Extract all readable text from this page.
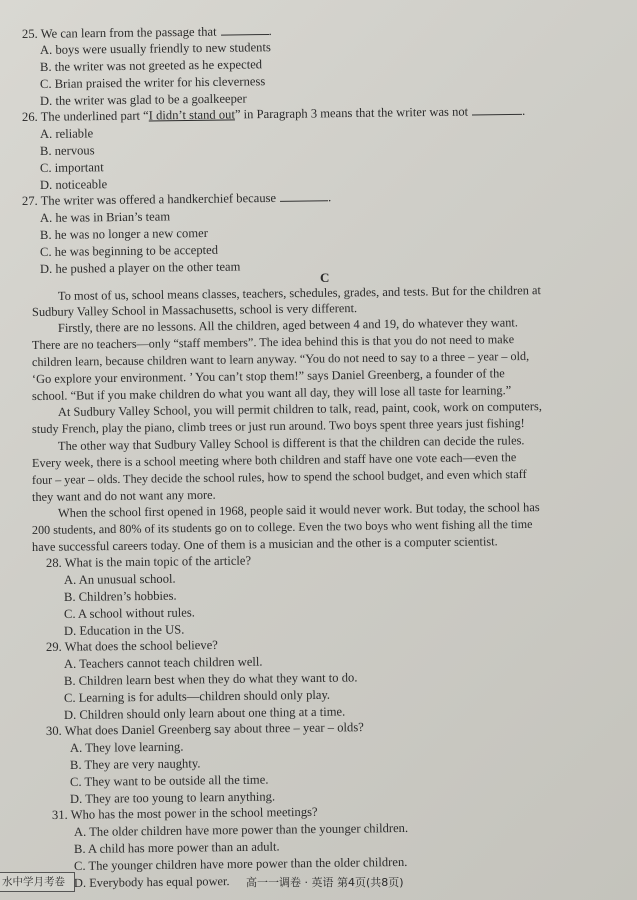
25. We can learn from the passage that	.
A. boys were usually friendly to new students
B. the writer was not greeted as he expected
C. Brian praised the writer for his cleverness
D. the writer was glad to be a goalkeeper
26. The underlined part “I didn’t stand out” in Paragraph 3 means that the writer was not	.
A. reliable
B. nervous
C. important
D. noticeable
27. The writer was offered a handkerchief because	.
A. he was in Brian’s team
B. he was no longer a new comer
C. he was beginning to be accepted
D. he pushed a player on the other team
C
To most of us, school means classes, teachers, schedules, grades, and tests. But for the children at
Sudbury Valley School in Massachusetts, school is very different.
Firstly, there are no lessons. All the children, aged between 4 and 19, do whatever they want.
There are no teachers—only “staff members”. The idea behind this is that you do not need to make
children learn, because children want to learn anyway. “You do not need to say to a three – year – old,
‘Go explore your environment. ’ You can’t stop them!” says Daniel Greenberg, a founder of the
school. “But if you make children do what you want all day, they will lose all taste for learning.”
At Sudbury Valley School, you will permit children to talk, read, paint, cook, work on computers,
study French, play the piano, climb trees or just run around. Two boys spent three years just fishing!
The other way that Sudbury Valley School is different is that the children can decide the rules.
Every week, there is a school meeting where both children and staff have one vote each—even the
four – year – olds. They decide the school rules, how to spend the school budget, and even which staff
they want and do not want any more.
When the school first opened in 1968, people said it would never work. But today, the school has
200 students, and 80% of its students go on to college. Even the two boys who went fishing all the time
have successful careers today. One of them is a musician and the other is a computer scientist.
28. What is the main topic of the article?
A. An unusual school.
B. Children’s hobbies.
C. A school without rules.
D. Education in the US.
29. What does the school believe?
A. Teachers cannot teach children well.
B. Children learn best when they do what they want to do.
C. Learning is for adults—children should only play.
D. Children should only learn about one thing at a time.
30. What does Daniel Greenberg say about three – year – olds?
A. They love learning.
B. They are very naughty.
C. They want to be outside all the time.
D. They are too young to learn anything.
31. Who has the most power in the school meetings?
A. The older children have more power than the younger children.
B. A child has more power than an adult.
C. The younger children have more power than the older children.
D. Everybody has equal power.
水中学月考卷	高一一调卷 · 英语 第4页(共8页)
